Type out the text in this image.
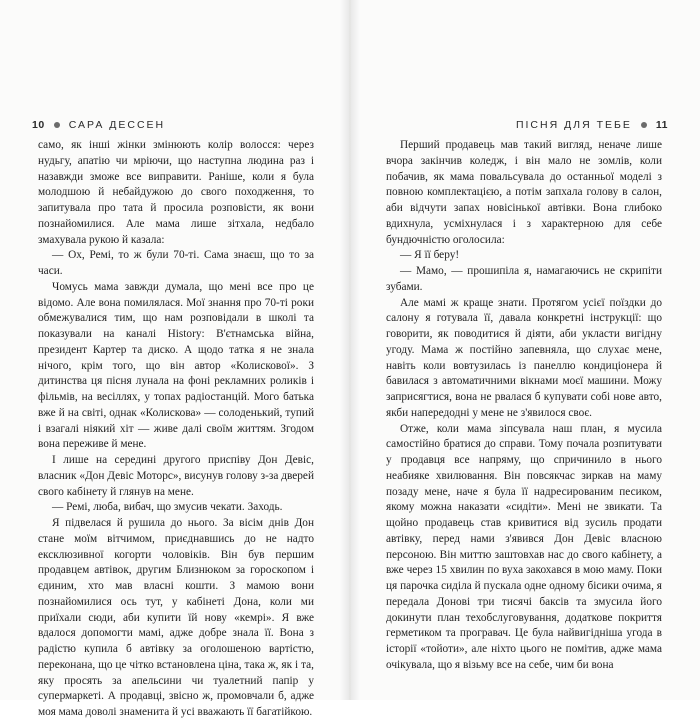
10 САРА ДЕССЕН	ПІСНЯ ДЛЯ ТЕБЕ 11

само, як інші жінки змінюють колір волосся: через нудьгу, апатію чи мріючи, що наступна людина раз і назавжди зможе все виправити. Раніше, коли я була молодшою й небайдужою до свого походження, то запитувала про тата й просила розповісти, як вони познайомилися. Але мама лише зітхала, недбало змахувала рукою й казала:

— Ох, Ремі, то ж були 70-ті. Сама знаєш, що то за часи.

Чомусь мама завжди думала, що мені все про це відомо. Але вона помилялася. Мої знання про 70-ті роки обмежувалися тим, що нам розповідали в школі та показували на каналі History: В'єтнамська війна, президент Картер та диско. А щодо татка я не знала нічого, крім того, що він автор «Колискової». З дитинства ця пісня лунала на фоні рекламних роликів і фільмів, на весіллях, у топах радіостанцій. Мого батька вже й на світі, однак «Колискова» — солоденький, тупий і взагалі ніякий хіт — живе далі своїм життям. Згодом вона переживе й мене.

І лише на середині другого приспіву Дон Девіс, власник «Дон Девіс Моторс», висунув голову з-за дверей свого кабінету й глянув на мене.

— Ремі, люба, вибач, що змусив чекати. Заходь.

Я підвелася й рушила до нього. За вісім днів Дон стане моїм вітчимом, приєднавшись до не надто ексклюзивної когорти чоловіків. Він був першим продавцем автівок, другим Близнюком за гороскопом і єдиним, хто мав власні кошти. З мамою вони познайомилися ось тут, у кабінеті Дона, коли ми приїхали сюди, аби купити їй нову «кемрі». Я вже вдалося допомогти мамі, адже добре знала її. Вона з радістю купила б автівку за оголошеною вартістю, переконана, що це чітко встановлена ціна, така ж, як і та, яку просять за апельсини чи туалетний папір у супермаркеті. А продавці, звісно ж, промовчали б, адже моя мама доволі знаменита й усі вважають її багатійкою.

Перший продавець мав такий вигляд, неначе лише вчора закінчив коледж, і він мало не зомлів, коли побачив, як мама повальсувала до останньої моделі з повною комплектацією, а потім запхала голову в салон, аби відчути запах новісінької автівки. Вона глибоко вдихнула, усміхнулася і з характерною для себе бундючністю оголосила:

— Я її беру!

— Мамо, — прошипіла я, намагаючись не скрипіти зубами.

Але мамі ж краще знати. Протягом усієї поїздки до салону я готувала її, давала конкретні інструкції: що говорити, як поводитися й діяти, аби укласти вигідну угоду. Мама ж постійно запевняла, що слухає мене, навіть коли вовтузилась із панеллю кондиціонера й бавилася з автоматичними вікнами моєї машини. Можу заприсягтися, вона не рвалася б купувати собі нове авто, якби напередодні у мене не з'явилося своє.

Отже, коли мама зіпсувала наш план, я мусила самостійно братися до справи. Тому почала розпитувати у продавця все напряму, що спричинило в нього неабияке хвилювання. Він повсякчас зиркав на маму позаду мене, наче я була її надресированим песиком, якому можна наказати «сидіти». Мені не звикати. Та щойно продавець став кривитися від зусиль продати автівку, перед нами з'явився Дон Девіс власною персоною. Він миттю заштовхав нас до свого кабінету, а вже через 15 хвилин по вуха закохався в мою маму. Поки ця парочка сиділа й пускала одне одному бісики очима, я передала Донові три тисячі баксів та змусила його докинути план техобслуговування, додаткове покриття герметиком та програвач. Це була найвигідніша угода в історії «тойоти», але ніхто цього не помітив, адже мама очікувала, що я візьму все на себе, чим би вона
